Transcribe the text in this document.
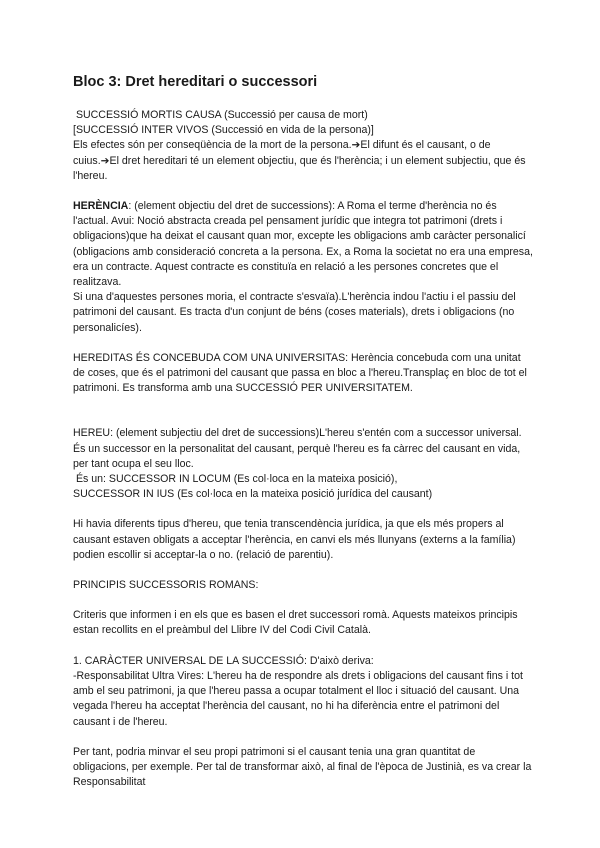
Bloc 3: Dret hereditari o successori

SUCCESSIÓ MORTIS CAUSA (Successió per causa de mort)

[SUCCESSIÓ INTER VIVOS (Successió en vida de la persona)]

Els efectes són per conseqüència de la mort de la persona.➔El difunt és el causant, o de cuius.➔El dret hereditari té un element objectiu, que és l'herència; i un element subjectiu, que és l'hereu.

HERÈNCIA: (element objectiu del dret de successions): A Roma el terme d'herència no és l'actual. Avui: Noció abstracta creada pel pensament jurídic que integra tot patrimoni (drets i obligacions)que ha deixat el causant quan mor, excepte les obligacions amb caràcter personalicí (obligacions amb consideració concreta a la persona. Ex, a Roma la societat no era una empresa, era un contracte. Aquest contracte es constituïa en relació a les persones concretes que el realitzava.

Si una d'aquestes persones moria, el contracte s'esvaïa).L'herència indou l'actiu i el passiu del patrimoni del causant. Es tracta d'un conjunt de béns (coses materials), drets i obligacions (no personalicíes).

HEREDITAS ÉS CONCEBUDA COM UNA UNIVERSITAS: Herència concebuda com una unitat de coses, que és el patrimoni del causant que passa en bloc a l'hereu.Transplaç en bloc de tot el patrimoni. Es transforma amb una SUCCESSIÓ PER UNIVERSITATEM.

HEREU: (element subjectiu del dret de successions)L'hereu s'entén com a successor universal. És un successor en la personalitat del causant, perquè l'hereu es fa càrrec del causant en vida, per tant ocupa el seu lloc.

És un: SUCCESSOR IN LOCUM (Es col·loca en la mateixa posició),

SUCCESSOR IN IUS (Es col·loca en la mateixa posició jurídica del causant)

Hi havia diferents tipus d'hereu, que tenia transcendència jurídica, ja que els més propers al causant estaven obligats a acceptar l'herència, en canvi els més llunyans (externs a la família) podien escollir si acceptar-la o no. (relació de parentiu).

PRINCIPIS SUCCESSORIS ROMANS:

Criteris que informen i en els que es basen el dret successori romà. Aquests mateixos principis estan recollits en el preàmbul del Llibre IV del Codi Civil Català.

1. CARÀCTER UNIVERSAL DE LA SUCCESSIÓ: D'això deriva:

-Responsabilitat Ultra Vires: L'hereu ha de respondre als drets i obligacions del causant fins i tot amb el seu patrimoni, ja que l'hereu passa a ocupar totalment el lloc i situació del causant. Una vegada l'hereu ha acceptat l'herència del causant, no hi ha diferència entre el patrimoni del causant i de l'hereu.

Per tant, podria minvar el seu propi patrimoni si el causant tenia una gran quantitat de obligacions, per exemple. Per tal de transformar això, al final de l'època de Justinià, es va crear la Responsabilitat
